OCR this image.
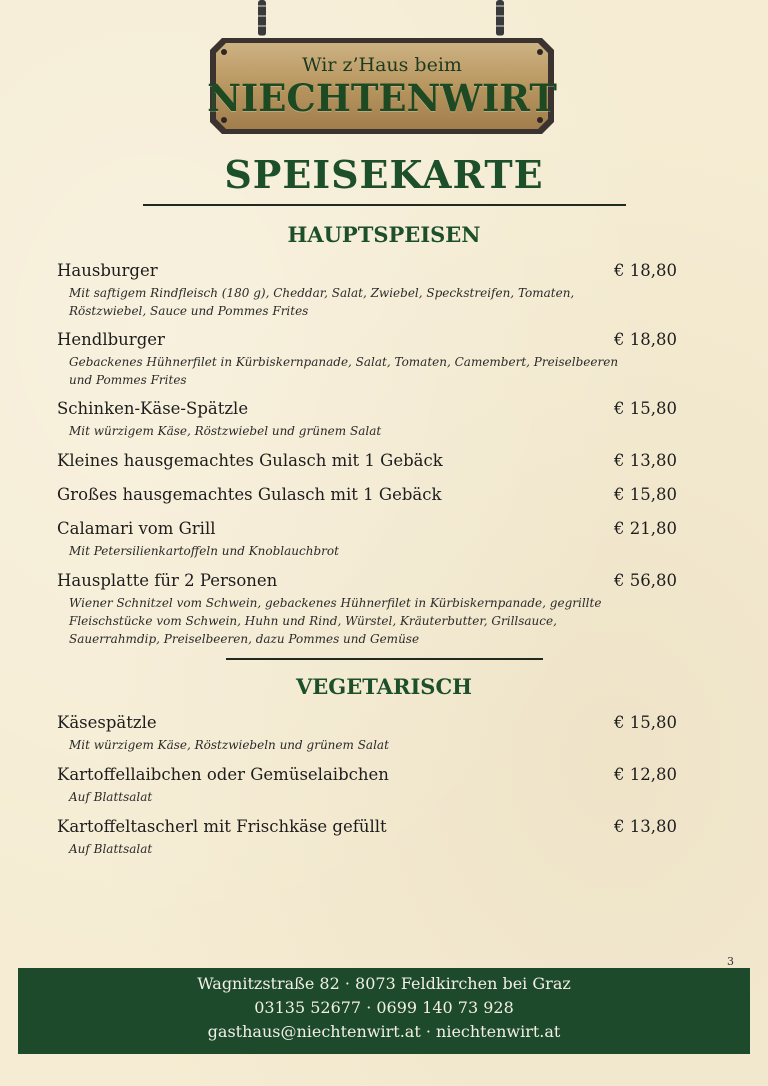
Wir z’Haus beim
NIECHTENWIRT
SPEISEKARTE
HAUPTSPEISEN
Hausburger	€ 18,80
Mit saftigem Rindfleisch (180 g), Cheddar, Salat, Zwiebel, Speckstreifen, Tomaten, Röstzwiebel, Sauce und Pommes Frites
Hendlburger	€ 18,80
Gebackenes Hühnerfilet in Kürbiskernpanade, Salat, Tomaten, Camembert, Preiselbeeren und Pommes Frites
Schinken-Käse-Spätzle	€ 15,80
Mit würzigem Käse, Röstzwiebel und grünem Salat
Kleines hausgemachtes Gulasch mit 1 Gebäck	€ 13,80
Großes hausgemachtes Gulasch mit 1 Gebäck	€ 15,80
Calamari vom Grill	€ 21,80
Mit Petersilienkartoffeln und Knoblauchbrot
Hausplatte für 2 Personen	€ 56,80
Wiener Schnitzel vom Schwein, gebackenes Hühnerfilet in Kürbiskernpanade, gegrillte Fleischstücke vom Schwein, Huhn und Rind, Würstel, Kräuterbutter, Grillsauce, Sauerrahmdip, Preiselbeeren, dazu Pommes und Gemüse
VEGETARISCH
Käsespätzle	€ 15,80
Mit würzigem Käse, Röstzwiebeln und grünem Salat
Kartoffellaibchen oder Gemüselaibchen	€ 12,80
Auf Blattsalat
Kartoffeltascherl mit Frischkäse gefüllt	€ 13,80
Auf Blattsalat
3
Wagnitzstraße 82 · 8073 Feldkirchen bei Graz
03135 52677 · 0699 140 73 928
gasthaus@niechtenwirt.at · niechtenwirt.at
